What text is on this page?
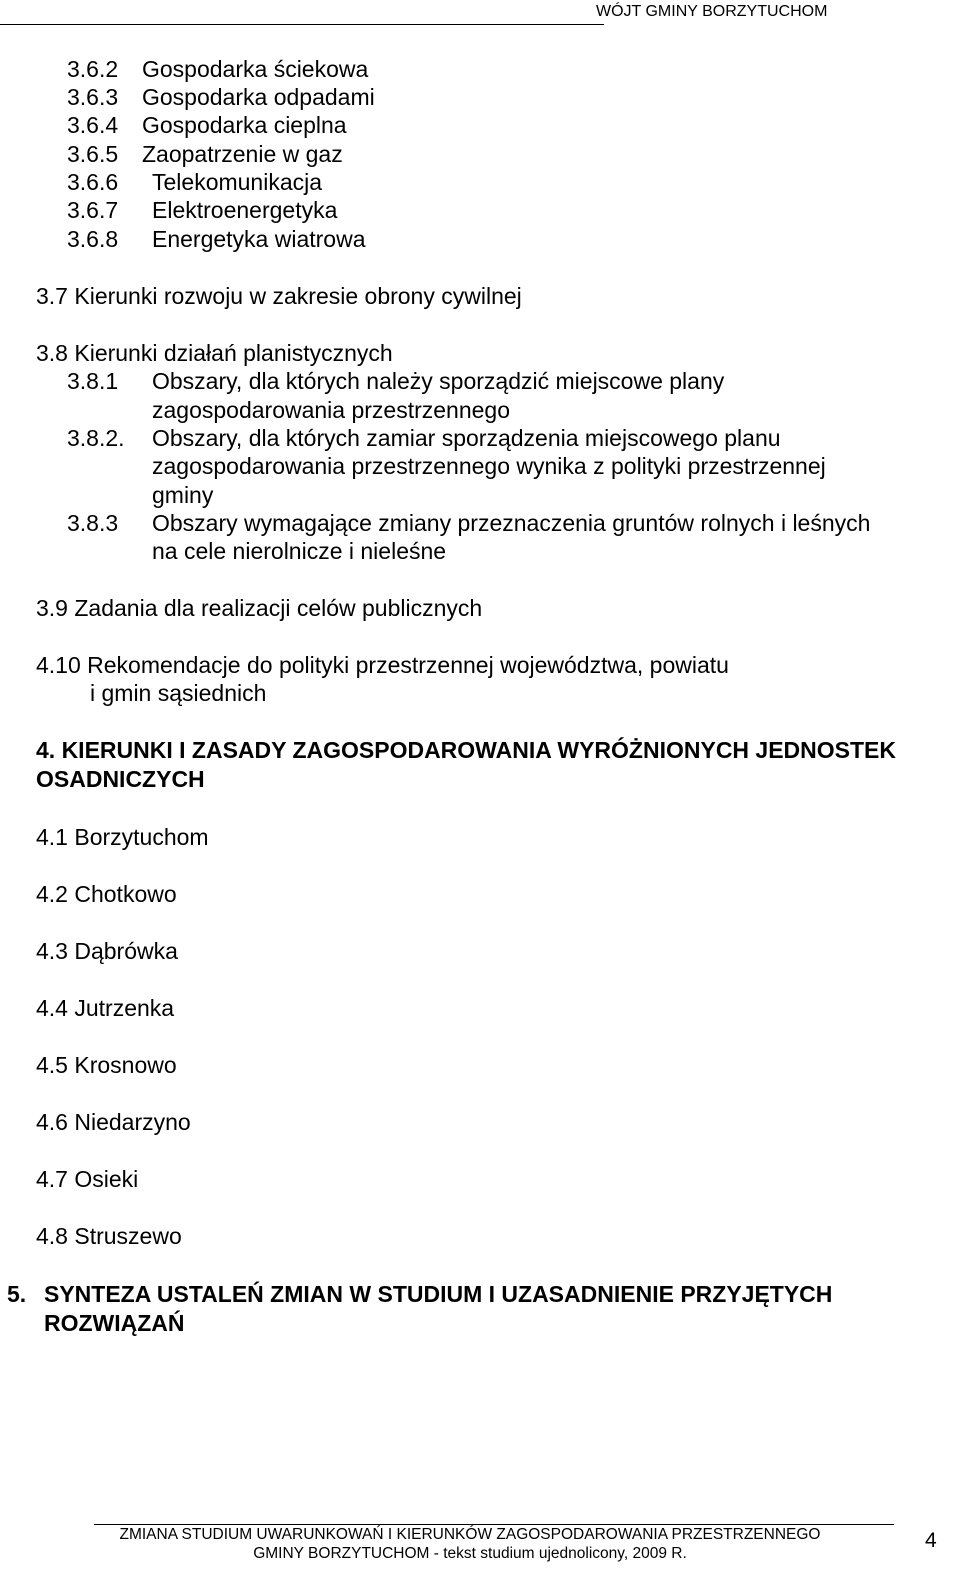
WÓJT GMINY BORZYTUCHOM
3.6.2 Gospodarka ściekowa
3.6.3 Gospodarka odpadami
3.6.4 Gospodarka cieplna
3.6.5 Zaopatrzenie w gaz
3.6.6 Telekomunikacja
3.6.7 Elektroenergetyka
3.6.8 Energetyka wiatrowa
3.7 Kierunki rozwoju w zakresie obrony cywilnej
3.8 Kierunki działań planistycznych
3.8.1 Obszary, dla których należy sporządzić miejscowe plany
zagospodarowania przestrzennego
3.8.2. Obszary, dla których zamiar sporządzenia miejscowego planu
zagospodarowania przestrzennego wynika z polityki przestrzennej
gminy
3.8.3 Obszary wymagające zmiany przeznaczenia gruntów rolnych i leśnych
na cele nierolnicze i nieleśne
3.9 Zadania dla realizacji celów publicznych
4.10 Rekomendacje do polityki przestrzennej województwa, powiatu
i gmin sąsiednich
4. KIERUNKI I ZASADY ZAGOSPODAROWANIA WYRÓŻNIONYCH JEDNOSTEK
OSADNICZYCH
4.1 Borzytuchom
4.2 Chotkowo
4.3 Dąbrówka
4.4 Jutrzenka
4.5 Krosnowo
4.6 Niedarzyno
4.7 Osieki
4.8 Struszewo
5. SYNTEZA USTALEŃ ZMIAN W STUDIUM I UZASADNIENIE PRZYJĘTYCH
ROZWIĄZAŃ
ZMIANA STUDIUM UWARUNKOWAŃ I KIERUNKÓW ZAGOSPODAROWANIA PRZESTRZENNEGO
GMINY BORZYTUCHOM - tekst studium ujednolicony, 2009 R.
4
